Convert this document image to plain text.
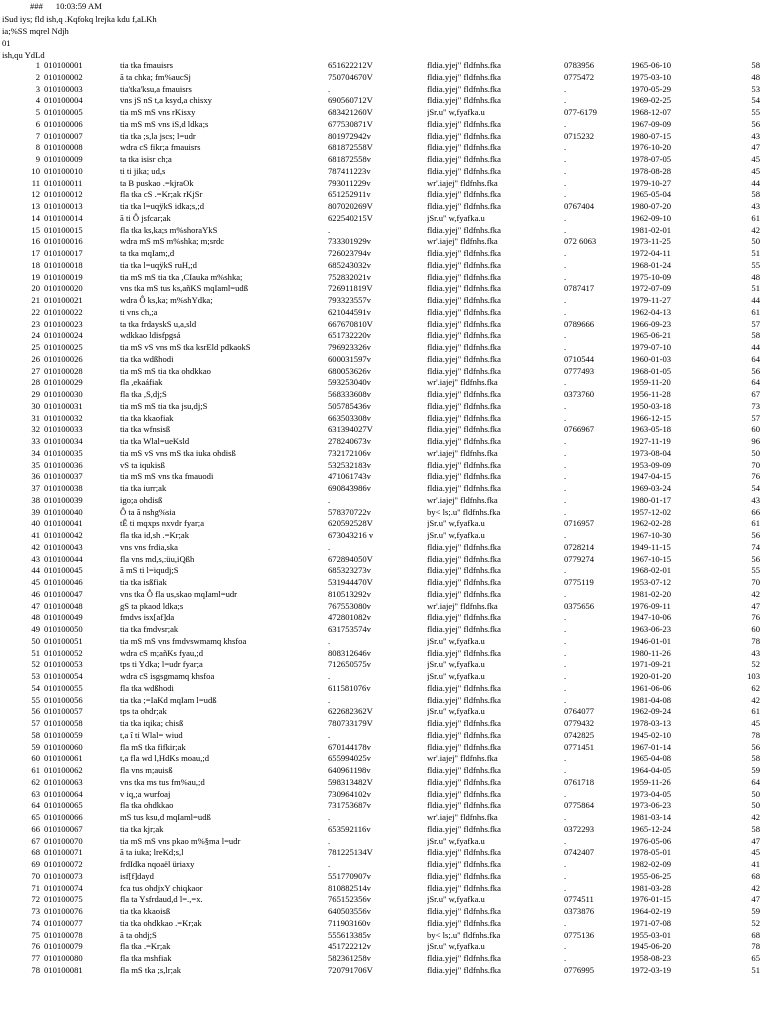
### 10:03:59 AM
iSud iys; fld ish,q .Kqfokq lrejka kdu f,aLKh
ia;%SS mqrel Ndjh
01
ish,qu YdLd
1 010100001	tia tka fmauisrs	651622212V	fldia.yjej" fldfnhs.fka	0783956	1965-06-10	58
2 010100002	ã ta chka; fm%aucSj	750704670V	fldia.yjej" fldfnhs.fka	0775472	1975-03-10	48
3 010100003	tia'tka'ksu,a fmauisrs	.	fldia.yjej" fldfnhs.fka	.	1970-05-29	53
4 010100004	vns jS nS t,a ksyd,a chisxy	690560712V	fldia.yjej" fldfnhs.fka	.	1969-02-25	54
5 010100005	tia mS mS vns rKisxy	683421260V	jSr.u" w,fyafka.u	077-6179	1968-12-07	55
6 010100006	tia mS mS vns iS,d ldka;s	677530871V	fldia.yjej" fldfnhs.fka	.	1967-09-09	56
7 010100007	tia tka ;s,la jscs; l=udr	801972942v	fldia.yjej" fldfnhs.fka	0715232	1980-07-15	43
8 010100008	wdra cS fikr;a fmauisrs	681872558V	fldia.yjej" fldfnhs.fka	.	1976-10-20	47
9 010100009	ta tka isisr ch;a	681872558v	fldia.yjej" fldfnhs.fka	.	1978-07-05	45
10 010100010	ti ti jika; ud,s	787411223v	fldia.yjej" fldfnhs.fka	.	1978-08-28	45
11 010100011	ta B puskao .=kjraOk	793011229v	wr'.iajej" fldfnhs.fka	.	1979-10-27	44
12 010100012	fla tka cS .=Kr;ak rKjSr	651252911v	fldia.yjej" fldfnhs.fka	.	1965-05-04	58
13 010100013	tia tka l=uqÿkS idka;s,;d	807020269V	fldia.yjej" fldfnhs.fka	0767404	1980-07-20	43
14 010100014	ã ti Ô jsfcar;ak	622540215V	jSr.u" w,fyafka.u	.	1962-09-10	61
15 010100015	fla tka ks,ka;s m%shoraYkS	.	fldia.yjej" fldfnhs.fka	.	1981-02-01	42
16 010100016	wdra mS mS m%shka; m;srdc	733301929v	wr'.iajej" fldfnhs.fka	072 6063	1973-11-25	50
17 010100017	ta tka mqIam;,d	726023794v	fldia.yjej" fldfnhs.fka	.	1972-04-11	51
18 010100018	tia tka l=uqÿkS ruH,;d	685243032v	fldia.yjej" fldfnhs.fka	.	1968-01-24	55
19 010100019	tia mS mS tia tka ,CIauka m%shka;	752832021v	fldia.yjej" fldfnhs.fka	.	1975-10-09	48
20 010100020	vns tka mS tus ks,añKS mqIaml=udß	726911819V	fldia.yjej" fldfnhs.fka	0787417	1972-07-09	51
21 010100021	wdra Ô ks,ka; m%shYdka;	793323557v	fldia.yjej" fldfnhs.fka	.	1979-11-27	44
22 010100022	ti vns ch,;a	621044591v	fldia.yjej" fldfnhs.fka	.	1962-04-13	61
23 010100023	ta tka frdayskS u,a,sld	667670810V	fldia.yjej" fldfnhs.fka	0789666	1966-09-23	57
24 010100024	wdkkao ldisfpgsá	651732220v	fldia.yjej" fldfnhs.fka	.	1965-06-21	58
25 010100025	tia mS vS vns mS tka ksrEld pdkaokS	796923326v	fldia.yjej" fldfnhs.fka	.	1979-07-10	44
26 010100026	tia tka wdßhodi	600031597v	fldia.yjej" fldfnhs.fka	0710544	1960-01-03	64
27 010100028	tia mS mS tia tka ohdkkao	680053626v	fldia.yjej" fldfnhs.fka	0777493	1968-01-05	56
28 010100029	fla ,ekaáfiak	593253040v	wr'.iajej" fldfnhs.fka	.	1959-11-20	64
29 010100030	fla tka ,S,dj;S	568333608v	fldia.yjej" fldfnhs.fka	0373760	1956-11-28	67
30 010100031	tia mS mS tia tka jsu,dj;S	505785436v	fldia.yjej" fldfnhs.fka	.	1950-03-18	73
31 010100032	tia tka kkaofiak	663503308v	fldia.yjej" fldfnhs.fka	.	1966-12-15	57
32 010100033	tia tka wfnsisß	631394027V	fldia.yjej" fldfnhs.fka	0766967	1963-05-18	60
33 010100034	tia tka Wlal=ueKsld	278240673v	fldia.yjej" fldfnhs.fka	.	1927-11-19	96
34 010100035	tia mS vS vns mS tka iuka ohdisß	732172106v	wr'.iajej" fldfnhs.fka	.	1973-08-04	50
35 010100036	vS ta iqukisß	532532183v	fldia.yjej" fldfnhs.fka	.	1953-09-09	70
36 010100037	tia mS mS vns tka fmauodi	471061743v	fldia.yjej" fldfnhs.fka	.	1947-04-15	76
37 010100038	tia tka iurr;ak	690843986v	fldia.yjej" fldfnhs.fka	.	1969-03-24	54
38 010100039	igo;a ohdisß	.	wr'.iajej" fldfnhs.fka	.	1980-01-17	43
39 010100040	Ô ta ã nshg%sia	578370722v	by< ls;.u" fldfnhs.fka	.	1957-12-02	66
40 010100041	tÊ ti mqxps nxvdr fyar;a	620592528V	jSr.u" w,fyafka.u	0716957	1962-02-28	61
41 010100042	fla tka id,sh .=Kr;ak	673043216 v	jSr.u" w,fyafka.u	.	1967-10-30	56
42 010100043	vns vns frdia,ska	.	fldia.yjej" fldfnhs.fka	0728214	1949-11-15	74
43 010100044	fla vns md,s,:üu,iQßh	672894050V	fldia.yjej" fldfnhs.fka	0779274	1967-10-15	56
44 010100045	ã mS ti l=iqudj;S	685323273v	fldia.yjej" fldfnhs.fka	.	1968-02-01	55
45 010100046	tia tka isßfiak	531944470V	fldia.yjej" fldfnhs.fka	0775119	1953-07-12	70
46 010100047	vns tka Ô fla us,skao mqIaml=udr	810513292v	fldia.yjej" fldfnhs.fka	.	1981-02-20	42
47 010100048	gS ta pkaod ldka;s	767553080v	wr'.iajej" fldfnhs.fka	0375656	1976-09-11	47
48 010100049	fmdvs isx[af]da	472801082v	fldia.yjej" fldfnhs.fka	.	1947-10-06	76
49 010100050	tia tka fmdvsr;ak	631753574v	fldia.yjej" fldfnhs.fka	.	1963-06-23	60
50 010100051	tia mS mS vns fmdvswmamq khsfoa	.	jSr.u" w,fyafka.u	.	1946-01-01	78
51 010100052	wdra cS m;añKs fyau,;d	808312646v	fldia.yjej" fldfnhs.fka	.	1980-11-26	43
52 010100053	tps ti Ydka; l=udr fyar;a	712650575v	jSr.u" w,fyafka.u	.	1971-09-21	52
53 010100054	wdra cS isgsgmamq khsfoa	.	jSr.u" w,fyafka.u	.	1920-01-20	103
54 010100055	fla tka wdßhodi	611581076v	fldia.yjej" fldfnhs.fka	.	1961-06-06	62
55 010100056	tia tka ;=IaKd mqIam l=udß	.	fldia.yjej" fldfnhs.fka	.	1981-04-08	42
56 010100057	tps ta ohdr;ak	622682362V	jSr.u" w,fyafka.u	0764077	1962-09-24	61
57 010100058	tia tka iqika; chisß	780733179V	fldia.yjej" fldfnhs.fka	0779432	1978-03-13	45
58 010100059	t,a î ti Wlal= wiud	.	fldia.yjej" fldfnhs.fka	0742825	1945-02-10	78
59 010100060	fla mS tka fifkir;ak	670144178v	fldia.yjej" fldfnhs.fka	0771451	1967-01-14	56
60 010100061	t,a fla wd l,HdKs moau,;d	655994025v	wr'.iajej" fldfnhs.fka	.	1965-04-08	58
61 010100062	fla vns m;auisß	640961198v	fldia.yjej" fldfnhs.fka	.	1964-04-05	59
62 010100063	vns tka ms tus fm%au,;d	598313482V	fldia.yjej" fldfnhs.fka	0761718	1959-11-26	64
63 010100064	v iq,;a wurfoaj	730964102v	fldia.yjej" fldfnhs.fka	.	1973-04-05	50
64 010100065	fla tka ohdkkao	731753687v	fldia.yjej" fldfnhs.fka	0775864	1973-06-23	50
65 010100066	mS tus ksu,d mqIaml=udß	.	wr'.iajej" fldfnhs.fka	.	1981-03-14	42
66 010100067	tia tka kjr;ak	653592116v	fldia.yjej" fldfnhs.fka	0372293	1965-12-24	58
67 010100070	tia mS mS vns pkao m%§ma l=udr	.	jSr.u" w,fyafka.u	.	1976-05-06	47
68 010100071	ã ta iuka; lreKd;s,l	781225134V	fldia.yjej" fldfnhs.fka	0742407	1978-05-01	45
69 010100072	frdIdka nqoaël üriaxy	.	fldia.yjej" fldfnhs.fka	.	1982-02-09	41
70 010100073	isf[f]dayd	551770907v	fldia.yjej" fldfnhs.fka	.	1955-06-25	68
71 010100074	fca tus ohdjxY chiqkaor	810882514v	fldia.yjej" fldfnhs.fka	.	1981-03-28	42
72 010100075	fla ta Ysfrdaud,d l=.,=x.	765152356v	jSr.u" w,fyafka.u	0774511	1976-01-15	47
73 010100076	tia tka kkaoisß	640503556v	fldia.yjej" fldfnhs.fka	0373876	1964-02-19	59
74 010100077	tia tka ohdkkao .=Kr;ak	711903160v	fldia.yjej" fldfnhs.fka	.	1971-07-08	52
75 010100078	ã ta ohdj;S	555613385v	by< ls;.u" fldfnhs.fka	0775136	1955-03-01	68
76 010100079	fla tka .=Kr;ak	451722212v	jSr.u" w,fyafka.u	.	1945-06-20	78
77 010100080	fla tka mshfiak	582361258v	fldia.yjej" fldfnhs.fka	.	1958-08-23	65
78 010100081	fla mS tka ;s,lr;ak	720791706V	fldia.yjej" fldfnhs.fka	0776995	1972-03-19	51
